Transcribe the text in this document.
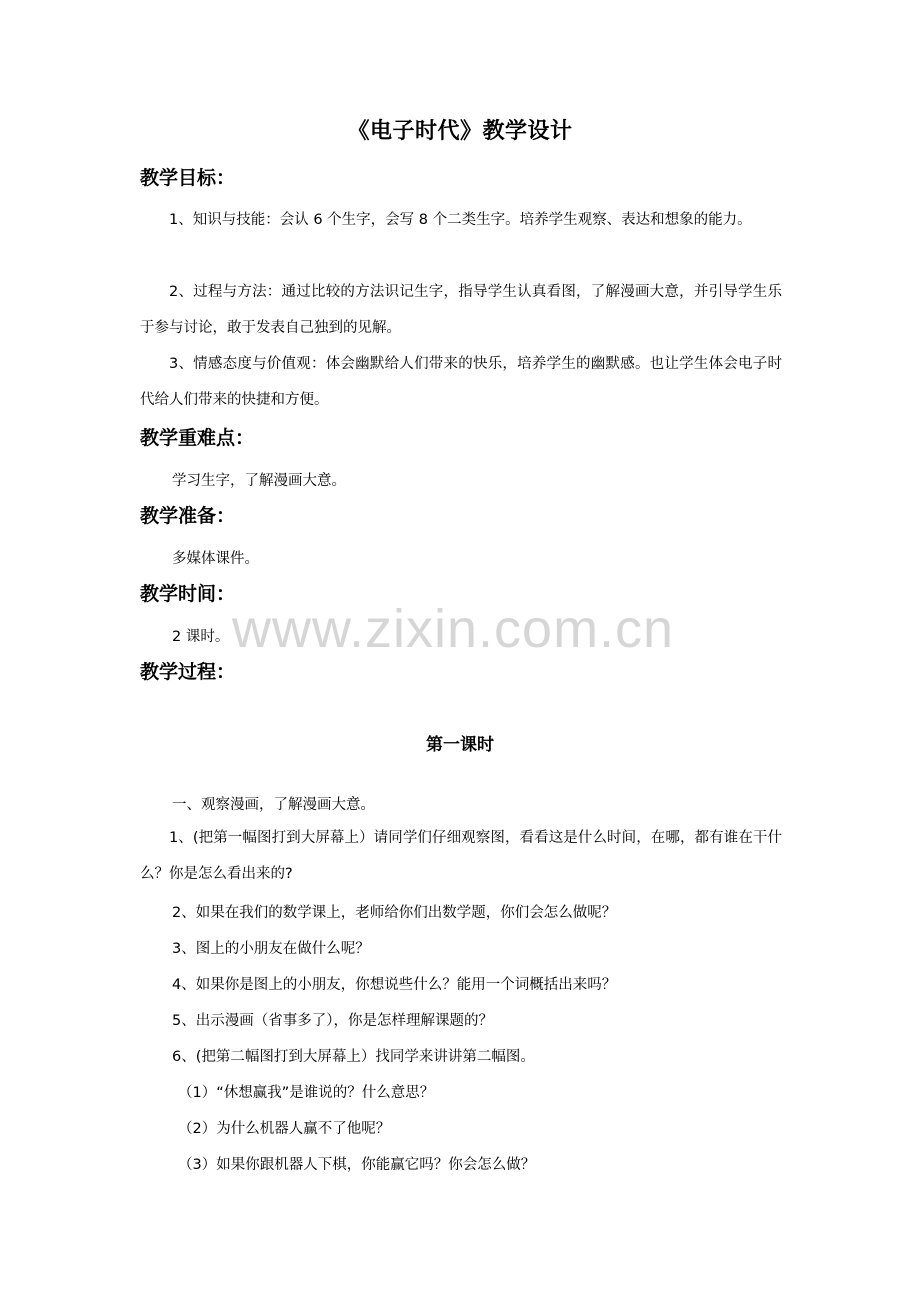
《电子时代》教学设计
教学目标：
1、知识与技能：会认 6 个生字，会写 8 个二类生字。培养学生观察、表达和想象的能力。
2、过程与方法：通过比较的方法识记生字，指导学生认真看图，了解漫画大意，并引导学生乐于参与讨论，敢于发表自己独到的见解。
3、情感态度与价值观：体会幽默给人们带来的快乐，培养学生的幽默感。也让学生体会电子时代给人们带来的快捷和方便。
教学重难点：
学习生字，了解漫画大意。
教学准备：
多媒体课件。
教学时间：
2 课时。
教学过程：
第一课时
一、观察漫画，了解漫画大意。
1、(把第一幅图打到大屏幕上）请同学们仔细观察图，看看这是什么时间，在哪，都有谁在干什么？你是怎么看出来的?
2、如果在我们的数学课上，老师给你们出数学题，你们会怎么做呢？
3、图上的小朋友在做什么呢？
4、如果你是图上的小朋友，你想说些什么？能用一个词概括出来吗？
5、出示漫画（省事多了），你是怎样理解课题的？
6、(把第二幅图打到大屏幕上）找同学来讲讲第二幅图。
（1）“休想赢我”是谁说的？什么意思？
（2）为什么机器人赢不了他呢？
（3）如果你跟机器人下棋，你能赢它吗？你会怎么做？
www.zixin.com.cn
